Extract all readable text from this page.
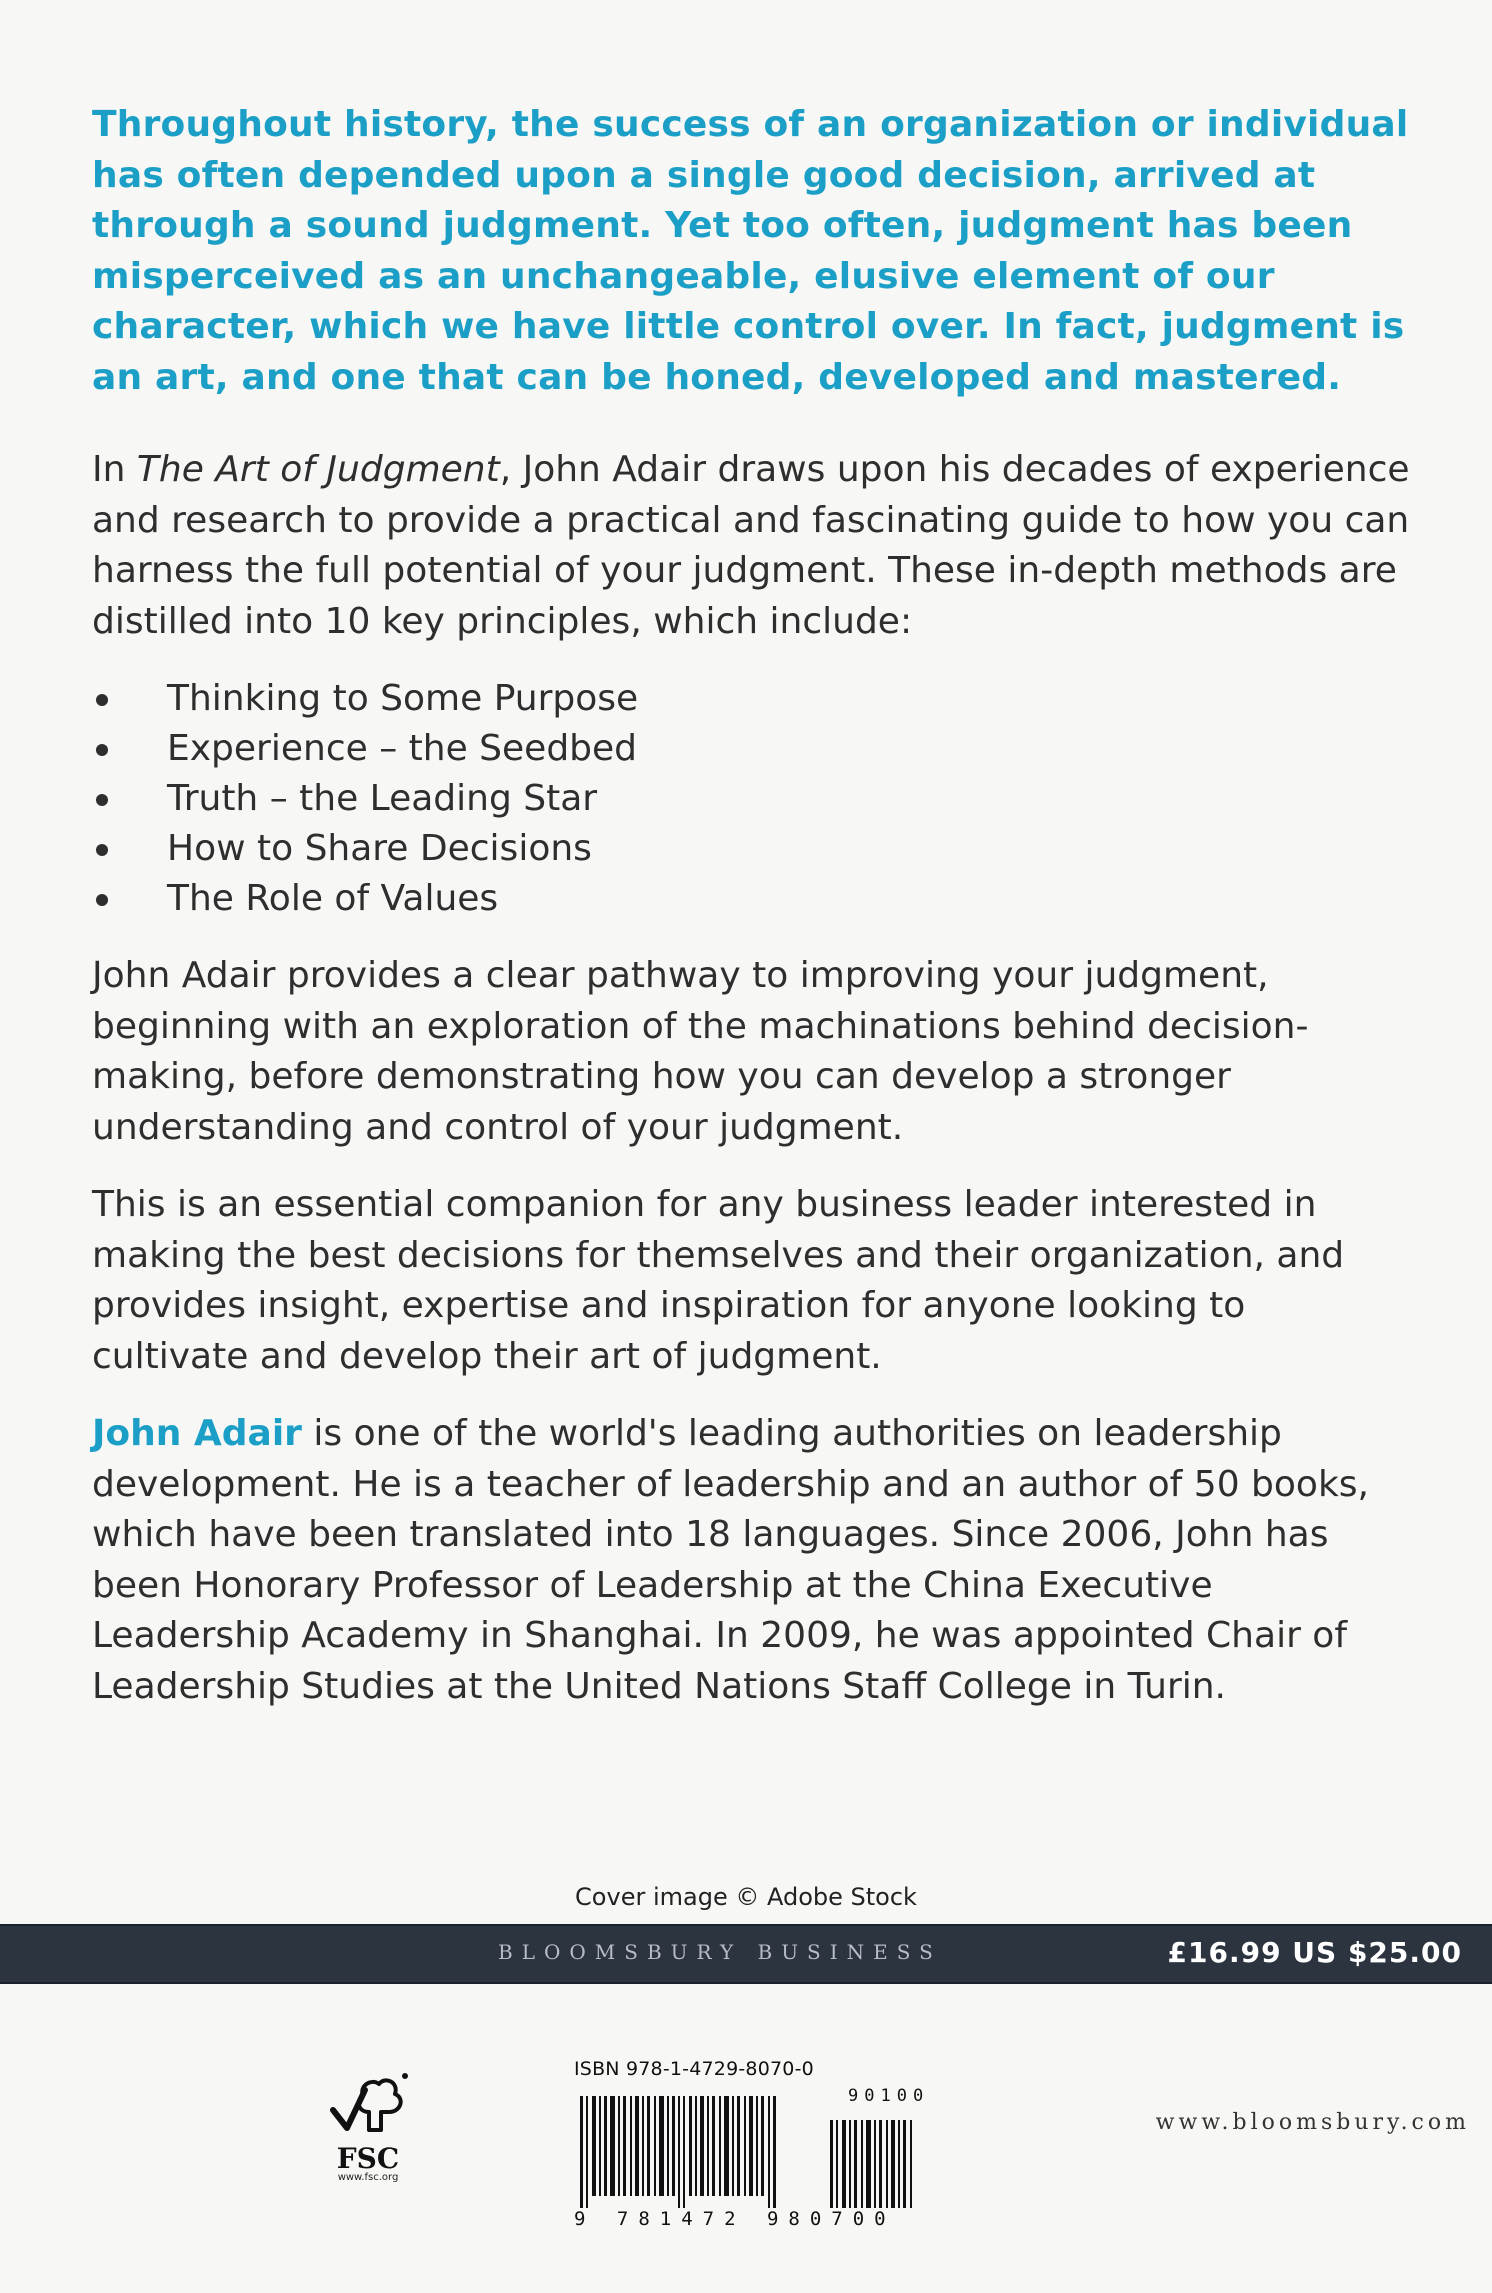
Throughout history, the success of an organization or individual has often depended upon a single good decision, arrived at through a sound judgment. Yet too often, judgment has been misperceived as an unchangeable, elusive element of our character, which we have little control over. In fact, judgment is an art, and one that can be honed, developed and mastered.

In The Art of Judgment, John Adair draws upon his decades of experience and research to provide a practical and fascinating guide to how you can harness the full potential of your judgment. These in-depth methods are distilled into 10 key principles, which include:

Thinking to Some Purpose
Experience – the Seedbed
Truth – the Leading Star
How to Share Decisions
The Role of Values

John Adair provides a clear pathway to improving your judgment, beginning with an exploration of the machinations behind decision-making, before demonstrating how you can develop a stronger understanding and control of your judgment.

This is an essential companion for any business leader interested in making the best decisions for themselves and their organization, and provides insight, expertise and inspiration for anyone looking to cultivate and develop their art of judgment.

John Adair is one of the world's leading authorities on leadership development. He is a teacher of leadership and an author of 50 books, which have been translated into 18 languages. Since 2006, John has been Honorary Professor of Leadership at the China Executive Leadership Academy in Shanghai. In 2009, he was appointed Chair of Leadership Studies at the United Nations Staff College in Turin.

Cover image © Adobe Stock
BLOOMSBURY BUSINESS	£16.99 US $25.00
FSC
www.fsc.org
ISBN 978-1-4729-8070-0
90100
9 781472 980700
www.bloomsbury.com
